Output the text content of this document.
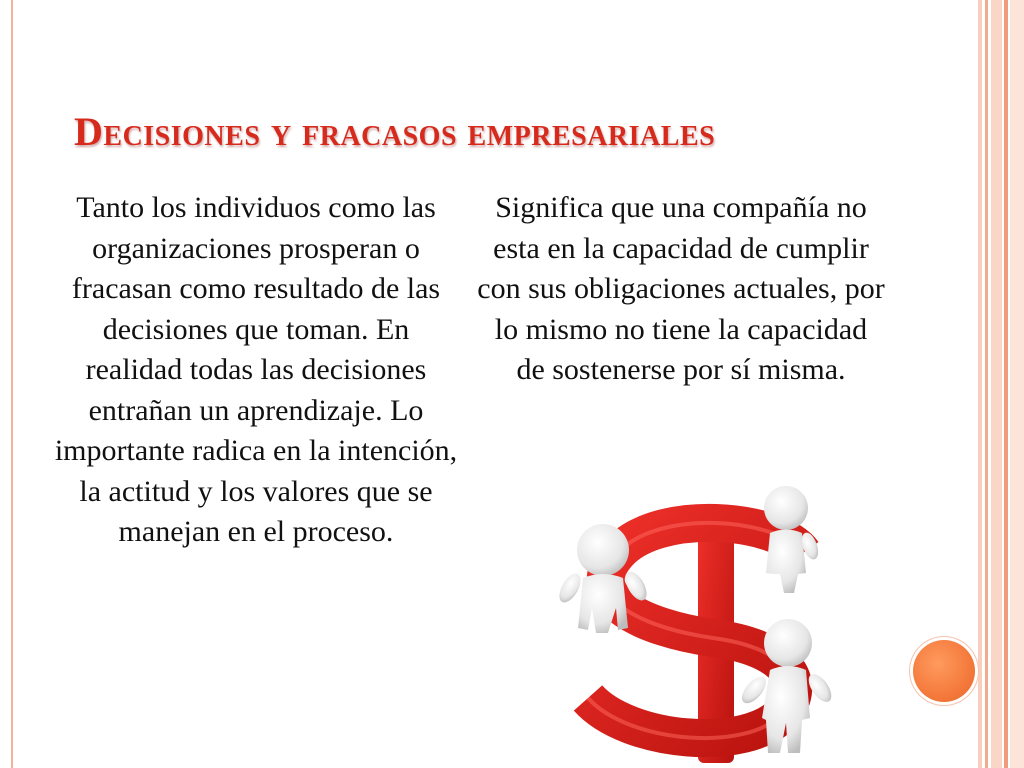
Decisiones y fracasos empresariales

Tanto los individuos como las organizaciones prosperan o fracasan como resultado de las decisiones que toman. En realidad todas las decisiones entrañan un aprendizaje. Lo importante radica en la intención, la actitud y los valores que se manejan en el proceso.

Significa que una compañía no esta en la capacidad de cumplir con sus obligaciones actuales, por lo mismo no tiene la capacidad de sostenerse por sí misma.
